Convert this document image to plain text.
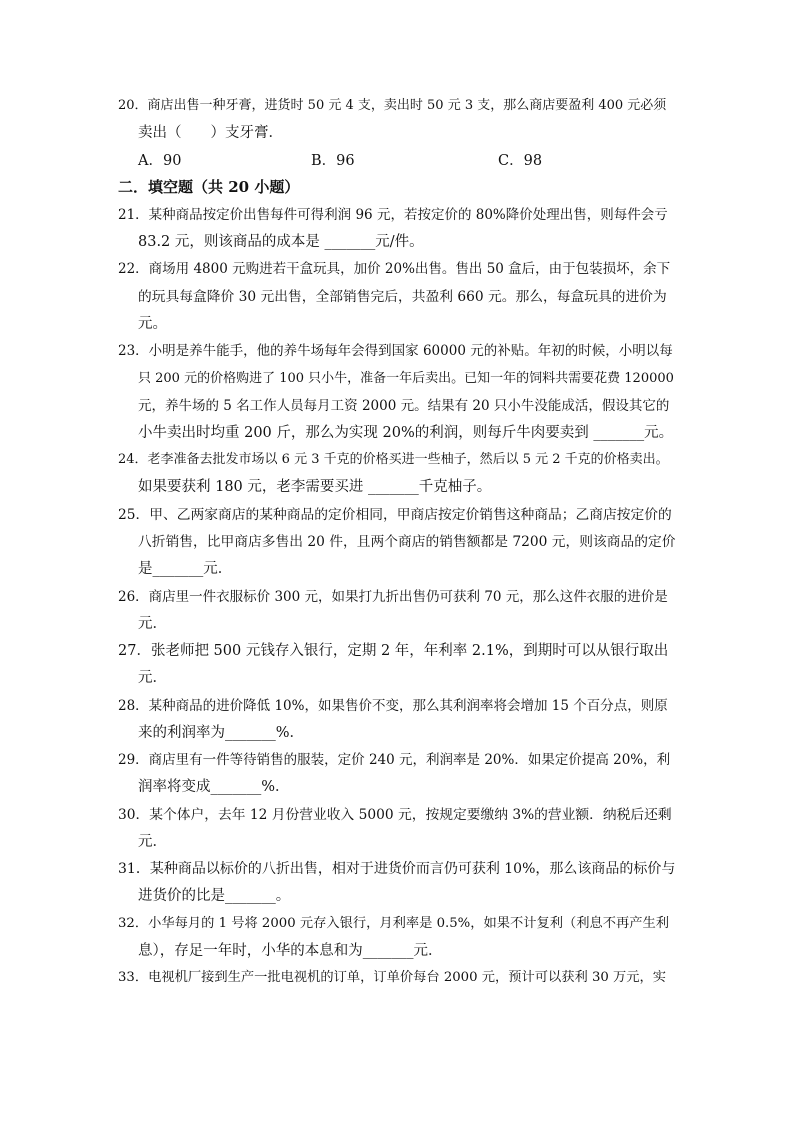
20．商店出售一种牙膏，进货时 50 元 4 支，卖出时 50 元 3 支，那么商店要盈利 400 元必须
卖出（　　）支牙膏．
A．90	B．96	C．98
二．填空题（共 20 小题）
21．某种商品按定价出售每件可得利润 96 元，若按定价的 80%降价处理出售，则每件会亏
83.2 元，则该商品的成本是 _______元/件。
22．商场用 4800 元购进若干盒玩具，加价 20%出售。售出 50 盒后，由于包装损坏，余下
的玩具每盒降价 30 元出售，全部销售完后，共盈利 660 元。那么，每盒玩具的进价为
元。
23．小明是养牛能手，他的养牛场每年会得到国家 60000 元的补贴。年初的时候，小明以每
只 200 元的价格购进了 100 只小牛，准备一年后卖出。已知一年的饲料共需要花费 120000
元，养牛场的 5 名工作人员每月工资 2000 元。结果有 20 只小牛没能成活，假设其它的
小牛卖出时均重 200 斤，那么为实现 20%的利润，则每斤牛肉要卖到 _______元。
24．老李准备去批发市场以 6 元 3 千克的价格买进一些柚子，然后以 5 元 2 千克的价格卖出。
如果要获利 180 元，老李需要买进 _______千克柚子。
25．甲、乙两家商店的某种商品的定价相同，甲商店按定价销售这种商品；乙商店按定价的
八折销售，比甲商店多售出 20 件，且两个商店的销售额都是 7200 元，则该商品的定价
是_______元．
26．商店里一件衣服标价 300 元，如果打九折出售仍可获利 70 元，那么这件衣服的进价是
元．
27．张老师把 500 元钱存入银行，定期 2 年，年利率 2.1%，到期时可以从银行取出
元．
28．某种商品的进价降低 10%，如果售价不变，那么其利润率将会增加 15 个百分点，则原
来的利润率为_______%．
29．商店里有一件等待销售的服装，定价 240 元，利润率是 20%．如果定价提高 20%，利
润率将变成_______%．
30．某个体户，去年 12 月份营业收入 5000 元，按规定要缴纳 3%的营业额．纳税后还剩
元．
31．某种商品以标价的八折出售，相对于进货价而言仍可获利 10%，那么该商品的标价与
进货价的比是_______。
32．小华每月的 1 号将 2000 元存入银行，月利率是 0.5%，如果不计复利（利息不再产生利
息），存足一年时，小华的本息和为_______元．
33．电视机厂接到生产一批电视机的订单，订单价每台 2000 元，预计可以获利 30 万元，实
